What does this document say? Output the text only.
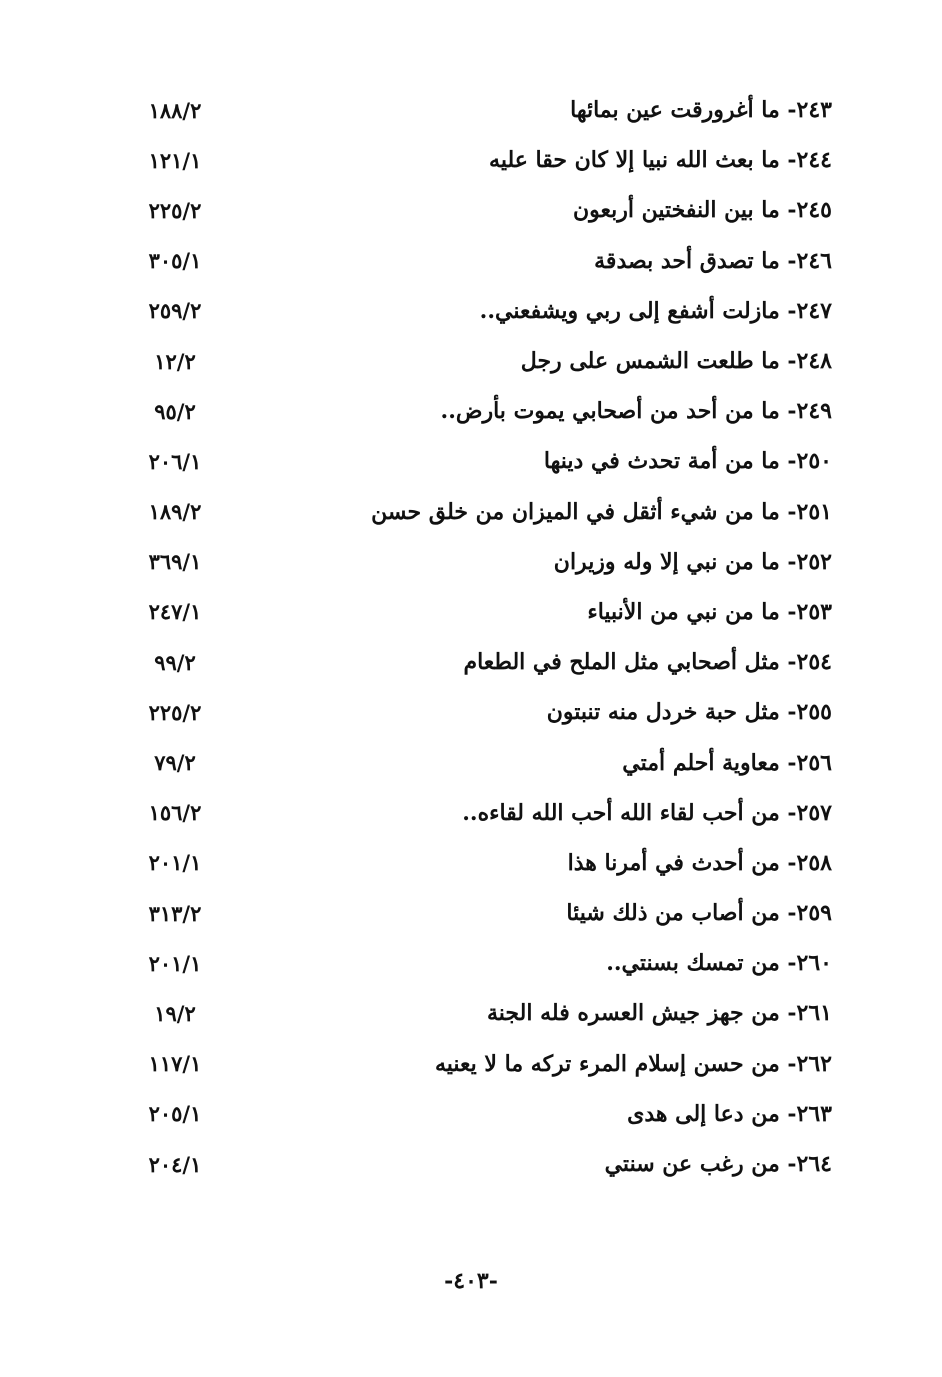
٢٤٣- ما أغرورقت عين بمائها
١٨٨/٢
٢٤٤- ما بعث الله نبيا إلا كان حقا عليه
١٢١/١
٢٤٥- ما بين النفختين أربعون
٢٢٥/٢
٢٤٦- ما تصدق أحد بصدقة
٣٠٥/١
٢٤٧- مازلت أشفع إلى ربي ويشفعني..
٢٥٩/٢
٢٤٨- ما طلعت الشمس على رجل
١٢/٢
٢٤٩- ما من أحد من أصحابي يموت بأرض..
٩٥/٢
٢٥٠- ما من أمة تحدث في دينها
٢٠٦/١
٢٥١- ما من شيء أثقل في الميزان من خلق حسن
١٨٩/٢
٢٥٢- ما من نبي إلا وله وزيران
٣٦٩/١
٢٥٣- ما من نبي من الأنبياء
٢٤٧/١
٢٥٤- مثل أصحابي مثل الملح في الطعام
٩٩/٢
٢٥٥- مثل حبة خردل منه تنبتون
٢٢٥/٢
٢٥٦- معاوية أحلم أمتي
٧٩/٢
٢٥٧- من أحب لقاء الله أحب الله لقاءه..
١٥٦/٢
٢٥٨- من أحدث في أمرنا هذا
٢٠١/١
٢٥٩- من أصاب من ذلك شيئا
٣١٣/٢
٢٦٠- من تمسك بسنتي..
٢٠١/١
٢٦١- من جهز جيش العسره فله الجنة
١٩/٢
٢٦٢- من حسن إسلام المرء تركه ما لا يعنيه
١١٧/١
٢٦٣- من دعا إلى هدى
٢٠٥/١
٢٦٤- من رغب عن سنتي
٢٠٤/١
-٤٠٣-
